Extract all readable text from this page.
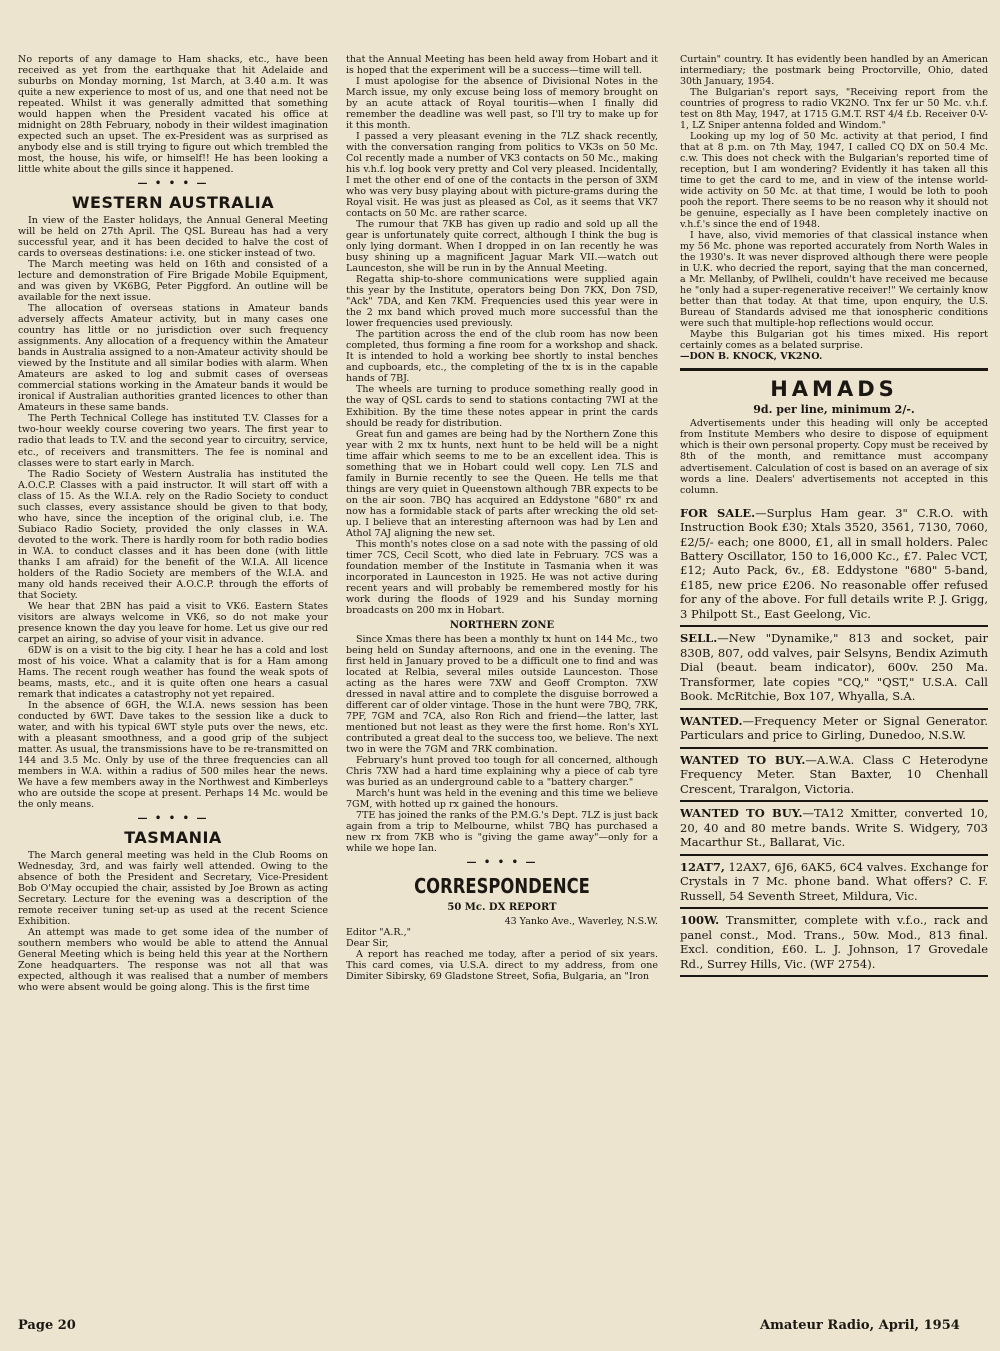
No reports of any damage to Ham shacks, etc., have been received as yet from the earthquake that hit Adelaide and suburbs on Monday morning, 1st March, at 3.40 a.m. It was quite a new experience to most of us, and one that need not be repeated. Whilst it was generally admitted that something would happen when the President vacated his office at midnight on 28th February, nobody in their wildest imagination expected such an upset. The ex-President was as surprised as anybody else and is still trying to figure out which trembled the most, the house, his wife, or himself!! He has been looking a little white about the gills since it happened.

— • • • —
WESTERN AUSTRALIA

In view of the Easter holidays, the Annual General Meeting will be held on 27th April. The QSL Bureau has had a very successful year, and it has been decided to halve the cost of cards to overseas destinations: i.e. one sticker instead of two.

The March meeting was held on 16th and consisted of a lecture and demonstration of Fire Brigade Mobile Equipment, and was given by VK6BG, Peter Piggford. An outline will be available for the next issue.

The allocation of overseas stations in Amateur bands adversely affects Amateur activity, but in many cases one country has little or no jurisdiction over such frequency assignments. Any allocation of a frequency within the Amateur bands in Australia assigned to a non-Amateur activity should be viewed by the Institute and all similar bodies with alarm. When Amateurs are asked to log and submit cases of overseas commercial stations working in the Amateur bands it would be ironical if Australian authorities granted licences to other than Amateurs in these same bands.

The Perth Technical College has instituted T.V. Classes for a two-hour weekly course covering two years. The first year to radio that leads to T.V. and the second year to circuitry, service, etc., of receivers and transmitters. The fee is nominal and classes were to start early in March.

The Radio Society of Western Australia has instituted the A.O.C.P. Classes with a paid instructor. It will start off with a class of 15. As the W.I.A. rely on the Radio Society to conduct such classes, every assistance should be given to that body, who have, since the inception of the original club, i.e. The Subiaco Radio Society, provided the only classes in W.A. devoted to the work. There is hardly room for both radio bodies in W.A. to conduct classes and it has been done (with little thanks I am afraid) for the benefit of the W.I.A. All licence holders of the Radio Society are members of the W.I.A. and many old hands received their A.O.C.P. through the efforts of that Society.

We hear that 2BN has paid a visit to VK6. Eastern States visitors are always welcome in VK6, so do not make your presence known the day you leave for home. Let us give our red carpet an airing, so advise of your visit in advance.

6DW is on a visit to the big city. I hear he has a cold and lost most of his voice. What a calamity that is for a Ham among Hams. The recent rough weather has found the weak spots of beams, masts, etc., and it is quite often one hears a casual remark that indicates a catastrophy not yet repaired.

In the absence of 6GH, the W.I.A. news session has been conducted by 6WT. Dave takes to the session like a duck to water, and with his typical 6WT style puts over the news, etc. with a pleasant smoothness, and a good grip of the subject matter. As usual, the transmissions have to be re-transmitted on 144 and 3.5 Mc. Only by use of the three frequencies can all members in W.A. within a radius of 500 miles hear the news. We have a few members away in the Northwest and Kimberleys who are outside the scope at present. Perhaps 14 Mc. would be the only means.

— • • • —
TASMANIA

The March general meeting was held in the Club Rooms on Wednesday, 3rd, and was fairly well attended. Owing to the absence of both the President and Secretary, Vice-President Bob O'May occupied the chair, assisted by Joe Brown as acting Secretary. Lecture for the evening was a description of the remote receiver tuning set-up as used at the recent Science Exhibition.

An attempt was made to get some idea of the number of southern members who would be able to attend the Annual General Meeting which is being held this year at the Northern Zone headquarters. The response was not all that was expected, although it was realised that a number of members who were absent would be going along. This is the first time

that the Annual Meeting has been held away from Hobart and it is hoped that the experiment will be a success—time will tell.

I must apologise for the absence of Divisional Notes in the March issue, my only excuse being loss of memory brought on by an acute attack of Royal touritis—when I finally did remember the deadline was well past, so I'll try to make up for it this month.

I passed a very pleasant evening in the 7LZ shack recently, with the conversation ranging from politics to VK3s on 50 Mc. Col recently made a number of VK3 contacts on 50 Mc., making his v.h.f. log book very pretty and Col very pleased. Incidentally, I met the other end of one of the contacts in the person of 3XM who was very busy playing about with picture-grams during the Royal visit. He was just as pleased as Col, as it seems that VK7 contacts on 50 Mc. are rather scarce.

The rumour that 7KB has given up radio and sold up all the gear is unfortunately quite correct, although I think the bug is only lying dormant. When I dropped in on Ian recently he was busy shining up a magnificent Jaguar Mark VII.—watch out Launceston, she will be run in by the Annual Meeting.

Regatta ship-to-shore communications were supplied again this year by the Institute, operators being Don 7KX, Don 7SD, "Ack" 7DA, and Ken 7KM. Frequencies used this year were in the 2 mx band which proved much more successful than the lower frequencies used previously.

The partition across the end of the club room has now been completed, thus forming a fine room for a workshop and shack. It is intended to hold a working bee shortly to instal benches and cupboards, etc., the completing of the tx is in the capable hands of 7BJ.

The wheels are turning to produce something really good in the way of QSL cards to send to stations contacting 7WI at the Exhibition. By the time these notes appear in print the cards should be ready for distribution.

Great fun and games are being had by the Northern Zone this year with 2 mx tx hunts, next hunt to be held will be a night time affair which seems to me to be an excellent idea. This is something that we in Hobart could well copy. Len 7LS and family in Burnie recently to see the Queen. He tells me that things are very quiet in Queenstown although 7BR expects to be on the air soon. 7BQ has acquired an Eddystone "680" rx and now has a formidable stack of parts after wrecking the old set-up. I believe that an interesting afternoon was had by Len and Athol 7AJ aligning the new set.

This month's notes close on a sad note with the passing of old timer 7CS, Cecil Scott, who died late in February. 7CS was a foundation member of the Institute in Tasmania when it was incorporated in Launceston in 1925. He was not active during recent years and will probably be remembered mostly for his work during the floods of 1929 and his Sunday morning broadcasts on 200 mx in Hobart.

NORTHERN ZONE

Since Xmas there has been a monthly tx hunt on 144 Mc., two being held on Sunday afternoons, and one in the evening. The first held in January proved to be a difficult one to find and was located at Relbia, several miles outside Launceston. Those acting as the hares were 7XW and Geoff Crompton. 7XW dressed in naval attire and to complete the disguise borrowed a different car of older vintage. Those in the hunt were 7BQ, 7RK, 7PF, 7GM and 7CA, also Ron Rich and friend—the latter, last mentioned but not least as they were the first home. Ron's XYL contributed a great deal to the success too, we believe. The next two in were the 7GM and 7RK combination.

February's hunt proved too tough for all concerned, although Chris 7XW had a hard time explaining why a piece of cab tyre was buried as an underground cable to a "battery charger."

March's hunt was held in the evening and this time we believe 7GM, with hotted up rx gained the honours.

7TE has joined the ranks of the P.M.G.'s Dept. 7LZ is just back again from a trip to Melbourne, whilst 7BQ has purchased a new rx from 7KB who is "giving the game away"—only for a while we hope Ian.

— • • • —
CORRESPONDENCE
50 Mc. DX REPORT

43 Yanko Ave., Waverley, N.S.W.

Editor "A.R.,"

Dear Sir,

A report has reached me today, after a period of six years. This card comes, via U.S.A. direct to my address, from one Dimiter Sibirsky, 69 Gladstone Street, Sofia, Bulgaria, an "Iron

Curtain" country. It has evidently been handled by an American intermediary; the postmark being Proctorville, Ohio, dated 30th January, 1954.

The Bulgarian's report says, "Receiving report from the countries of progress to radio VK2NO. Tnx fer ur 50 Mc. v.h.f. test on 8th May, 1947, at 1715 G.M.T. RST 4/4 f.b. Receiver 0-V-1, LZ Sniper antenna folded and Windom."

Looking up my log of 50 Mc. activity at that period, I find that at 8 p.m. on 7th May, 1947, I called CQ DX on 50.4 Mc. c.w. This does not check with the Bulgarian's reported time of reception, but I am wondering? Evidently it has taken all this time to get the card to me, and in view of the intense world-wide activity on 50 Mc. at that time, I would be loth to pooh pooh the report. There seems to be no reason why it should not be genuine, especially as I have been completely inactive on v.h.f.'s since the end of 1948.

I have, also, vivid memories of that classical instance when my 56 Mc. phone was reported accurately from North Wales in the 1930's. It was never disproved although there were people in U.K. who decried the report, saying that the man concerned, a Mr. Mellanby, of Pwllheli, couldn't have received me because he "only had a super-regenerative receiver!" We certainly know better than that today. At that time, upon enquiry, the U.S. Bureau of Standards advised me that ionospheric conditions were such that multiple-hop reflections would occur.

Maybe this Bulgarian got his times mixed. His report certainly comes as a belated surprise.

—DON B. KNOCK, VK2NO.

HAMADS
9d. per line, minimum 2/-.

Advertisements under this heading will only be accepted from Institute Members who desire to dispose of equipment which is their own personal property. Copy must be received by 8th of the month, and remittance must accompany advertisement. Calculation of cost is based on an average of six words a line. Dealers' advertisements not accepted in this column.

FOR SALE.—Surplus Ham gear. 3" C.R.O. with Instruction Book £30; Xtals 3520, 3561, 7130, 7060, £2/5/- each; one 8000, £1, all in small holders. Palec Battery Oscillator, 150 to 16,000 Kc., £7. Palec VCT, £12; Auto Pack, 6v., £8. Eddystone "680" 5-band, £185, new price £206. No reasonable offer refused for any of the above. For full details write P. J. Grigg, 3 Philpott St., East Geelong, Vic.
SELL.—New "Dynamike," 813 and socket, pair 830B, 807, odd valves, pair Selsyns, Bendix Azimuth Dial (beaut. beam indicator), 600v. 250 Ma. Transformer, late copies "CQ," "QST," U.S.A. Call Book. McRitchie, Box 107, Whyalla, S.A.
WANTED.—Frequency Meter or Signal Generator. Particulars and price to Girling, Dunedoo, N.S.W.
WANTED TO BUY.—A.W.A. Class C Heterodyne Frequency Meter. Stan Baxter, 10 Chenhall Crescent, Traralgon, Victoria.
WANTED TO BUY.—TA12 Xmitter, converted 10, 20, 40 and 80 metre bands. Write S. Widgery, 703 Macarthur St., Ballarat, Vic.
12AT7, 12AX7, 6J6, 6AK5, 6C4 valves. Exchange for Crystals in 7 Mc. phone band. What offers? C. F. Russell, 54 Seventh Street, Mildura, Vic.
100W. Transmitter, complete with v.f.o., rack and panel const., Mod. Trans., 50w. Mod., 813 final. Excl. condition, £60. L. J. Johnson, 17 Grovedale Rd., Surrey Hills, Vic. (WF 2754).
Page 20	Amateur Radio, April, 1954
